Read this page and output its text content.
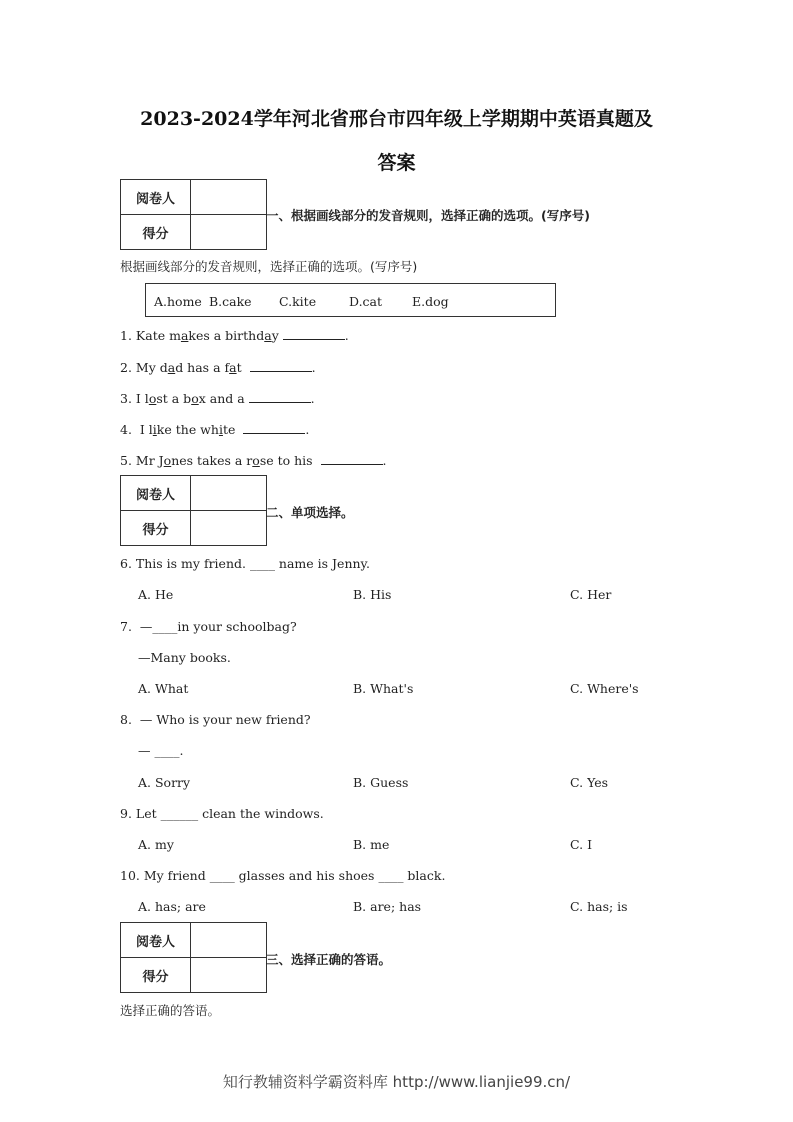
2023-2024学年河北省邢台市四年级上学期期中英语真题及
答案
阅卷人	
得分	
一、根据画线部分的发音规则，选择正确的选项。(写序号)
根据画线部分的发音规则，选择正确的选项。(写序号)
A.home B.cake C.kite	D.cat E.dog
1. Kate makes a birthday	.
2. My dad has a fat	.
3. I lost a box and a	.
4.  I like the white	.
5. Mr Jones takes a rose to his	.
阅卷人	
得分	
二、单项选择。
6. This is my friend. ____ name is Jenny.
A. He	B. His	C. Her
7.  —____in your schoolbag?
—Many books.
A. What	B. What's	C. Where's
8.  — Who is your new friend?
— ____.
A. Sorry	B. Guess	C. Yes
9. Let ______ clean the windows.
A. my	B. me	C. I
10. My friend ____ glasses and his shoes ____ black.
A. has; are	B. are; has	C. has; is
阅卷人	
得分	
三、选择正确的答语。
选择正确的答语。
知行教辅资料学霸资料库 http://www.lianjie99.cn/
